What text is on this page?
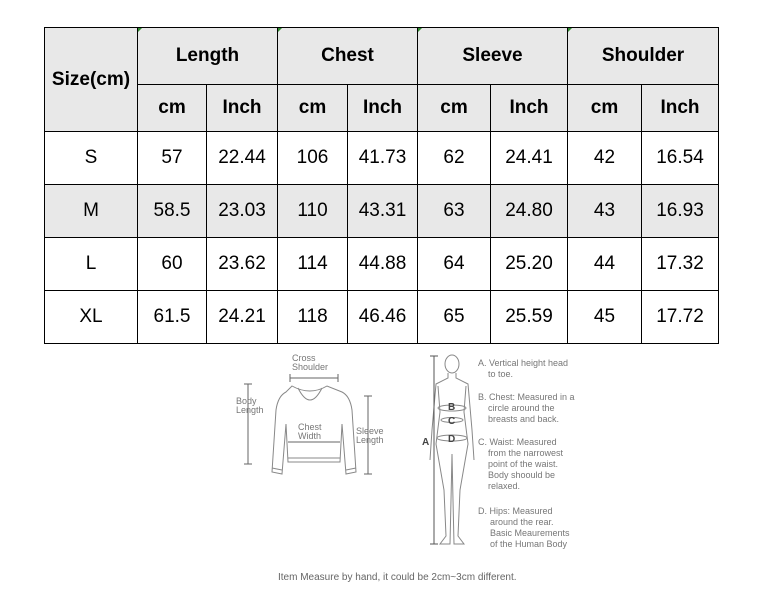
Size(cm)	Length		Chest		Sleeve		Shoulder	
	cm	Inch	cm	Inch	cm	Inch	cm	Inch
S	57	22.44	106	41.73	62	24.41	42	16.54
M	58.5	23.03	110	43.31	63	24.80	43	16.93
L	60	23.62	114	44.88	64	25.20	44	17.32
XL	61.5	24.21	118	46.46	65	25.59	45	17.72
Cross
Shoulder
Body
Length
Chest
Width	Sleeve
Length	A
B
C
D
A. Vertical height head
to toe.
B. Chest: Measured in a
circle around the
breasts and back.
C. Waist: Measured
from the narrowest
point of the waist.
Body shoould be
relaxed.
D. Hips: Measured
around the rear.
Basic Meaurements
of the Human Body
Item Measure by hand, it could be 2cm~3cm different.
